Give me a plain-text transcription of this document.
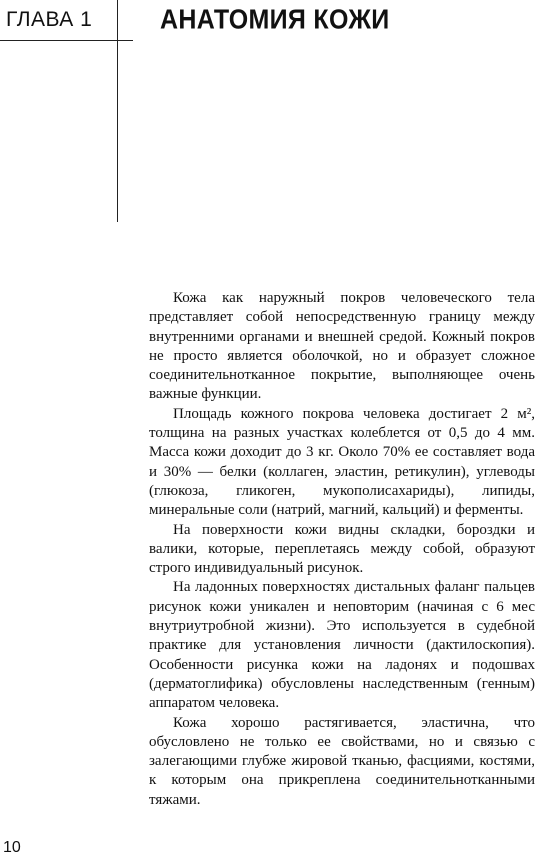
ГЛАВА 1	АНАТОМИЯ КОЖИ

Кожа как наружный покров человеческого тела представляет собой непосредственную границу между внутренними органами и внешней средой. Кожный покров не просто является оболочкой, но и образует сложное соединительнотканное покрытие, выполняющее очень важные функции.

Площадь кожного покрова человека достигает 2 м², толщина на разных участках колеблется от 0,5 до 4 мм. Масса кожи доходит до 3 кг. Около 70% ее составляет вода и 30% — белки (коллаген, эластин, ретикулин), углеводы (глюкоза, гликоген, мукополисахариды), липиды, минеральные соли (натрий, магний, кальций) и ферменты.

На поверхности кожи видны складки, бороздки и валики, которые, переплетаясь между собой, образуют строго индивидуальный рисунок.

На ладонных поверхностях дистальных фаланг пальцев рисунок кожи уникален и неповторим (начиная с 6 мес внутриутробной жизни). Это используется в судебной практике для установления личности (дактилоскопия). Особенности рисунка кожи на ладонях и подошвах (дерматоглифика) обусловлены наследственным (генным) аппаратом человека.

Кожа хорошо растягивается, эластична, что обусловлено не только ее свойствами, но и связью с залегающими глубже жировой тканью, фасциями, костями, к которым она прикреплена соединительнотканными тяжами.

10
